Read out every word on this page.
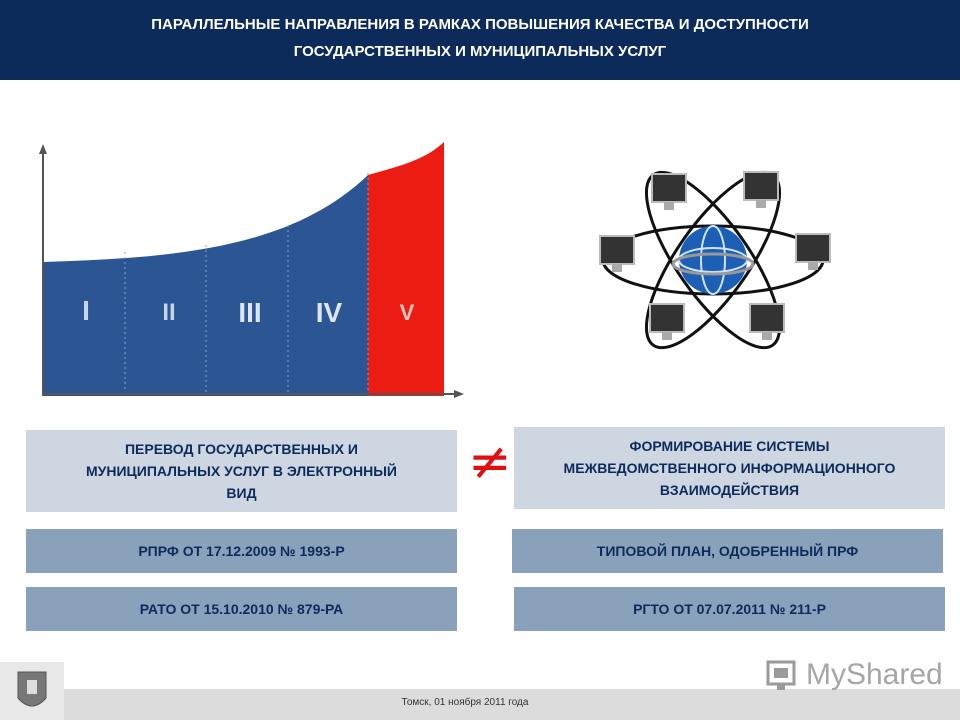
ПАРАЛЛЕЛЬНЫЕ НАПРАВЛЕНИЯ В РАМКАХ ПОВЫШЕНИЯ КАЧЕСТВА И ДОСТУПНОСТИ
ГОСУДАРСТВЕННЫХ И МУНИЦИПАЛЬНЫХ УСЛУГ
I	II III IV	V
ПЕРЕВОД ГОСУДАРСТВЕННЫХ И
МУНИЦИПАЛЬНЫХ УСЛУГ В ЭЛЕКТРОННЫЙ
ВИД
≠	ФОРМИРОВАНИЕ СИСТЕМЫ
МЕЖВЕДОМСТВЕННОГО ИНФОРМАЦИОННОГО
ВЗАИМОДЕЙСТВИЯ
РПРФ ОТ 17.12.2009 № 1993-Р	ТИПОВОЙ ПЛАН, ОДОБРЕННЫЙ ПРФ
РАТО ОТ 15.10.2010 № 879-РА	РГТО ОТ 07.07.2011 № 211-Р
Томск, 01 ноября 2011 года
MyShared
